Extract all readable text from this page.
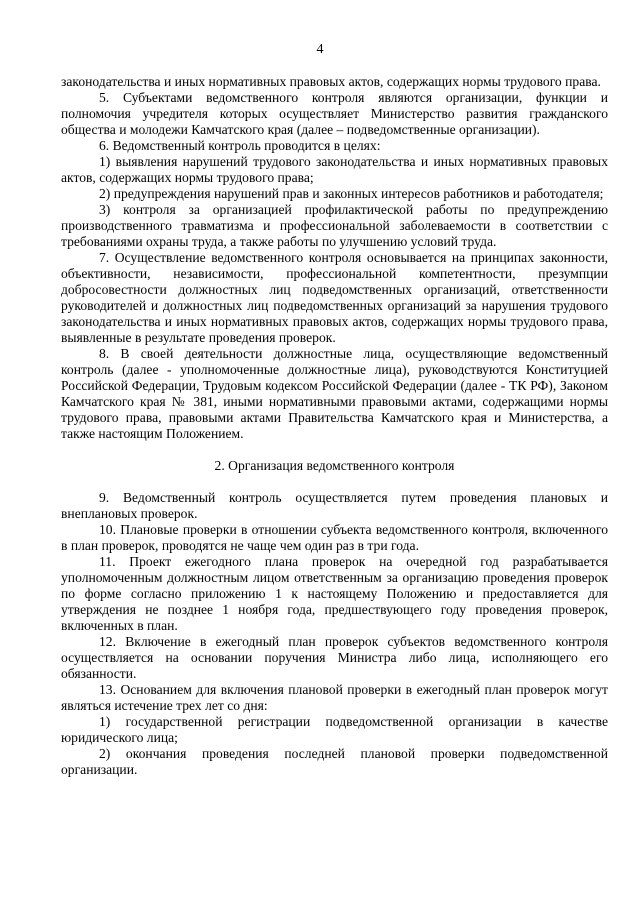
4

законодательства и иных нормативных правовых актов, содержащих нормы трудового права.

5. Субъектами ведомственного контроля являются организации, функции и полномочия учредителя которых осуществляет Министерство развития гражданского общества и молодежи Камчатского края (далее – подведомственные организации).

6. Ведомственный контроль проводится в целях:

1) выявления нарушений трудового законодательства и иных нормативных правовых актов, содержащих нормы трудового права;

2) предупреждения нарушений прав и законных интересов работников и работодателя;

3) контроля за организацией профилактической работы по предупреждению производственного травматизма и профессиональной заболеваемости в соответствии с требованиями охраны труда, а также работы по улучшению условий труда.

7. Осуществление ведомственного контроля основывается на принципах законности, объективности, независимости, профессиональной компетентности, презумпции добросовестности должностных лиц подведомственных организаций, ответственности руководителей и должностных лиц подведомственных организаций за нарушения трудового законодательства и иных нормативных правовых актов, содержащих нормы трудового права, выявленные в результате проведения проверок.

8. В своей деятельности должностные лица, осуществляющие ведомственный контроль (далее - уполномоченные должностные лица), руководствуются Конституцией Российской Федерации, Трудовым кодексом Российской Федерации (далее - ТК РФ), Законом Камчатского края № 381, иными нормативными правовыми актами, содержащими нормы трудового права, правовыми актами Правительства Камчатского края и Министерства, а также настоящим Положением.

2. Организация ведомственного контроля

9. Ведомственный контроль осуществляется путем проведения плановых и внеплановых проверок.

10. Плановые проверки в отношении субъекта ведомственного контроля, включенного в план проверок, проводятся не чаще чем один раз в три года.

11. Проект ежегодного плана проверок на очередной год разрабатывается уполномоченным должностным лицом ответственным за организацию проведения проверок по форме согласно приложению 1 к настоящему Положению и предоставляется для утверждения не позднее 1 ноября года, предшествующего году проведения проверок, включенных в план.

12. Включение в ежегодный план проверок субъектов ведомственного контроля осуществляется на основании поручения Министра либо лица, исполняющего его обязанности.

13. Основанием для включения плановой проверки в ежегодный план проверок могут являться истечение трех лет со дня:

1) государственной регистрации подведомственной организации в качестве юридического лица;

2) окончания проведения последней плановой проверки подведомственной организации.
